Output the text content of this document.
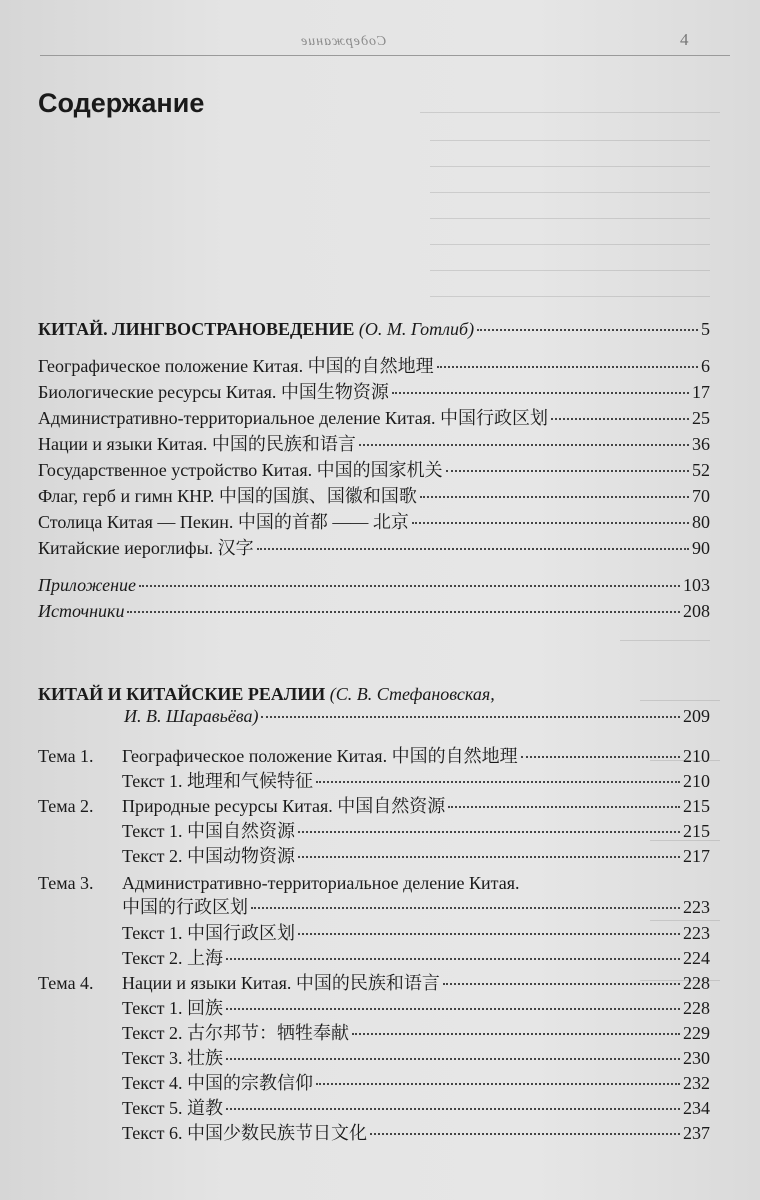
Содержание	4
Содержание
КИТАЙ. ЛИНГВОСТРАНОВЕДЕНИЕ (О. М. Готлиб)	5
Географическое положение Китая. 中国的自然地理	6
Биологические ресурсы Китая. 中国生物资源	17
Административно-территориальное деление Китая. 中国行政区划	25
Нации и языки Китая. 中国的民族和语言	36
Государственное устройство Китая. 中国的国家机关	52
Флаг, герб и гимн КНР. 中国的国旗、国徽和国歌	70
Столица Китая — Пекин. 中国的首都 —— 北京	80
Китайские иероглифы. 汉字	90
Приложение	103
Источники	208
КИТАЙ И КИТАЙСКИЕ РЕАЛИИ (С. В. Стефановская,
И. В. Шаравьёва)	209
Тема 1. Географическое положение Китая. 中国的自然地理	210
Текст 1. 地理和气候特征	210
Тема 2. Природные ресурсы Китая. 中国自然资源	215
Текст 1. 中国自然资源	215
Текст 2. 中国动物资源	217
Тема 3. Административно-территориальное деление Китая.
中国的行政区划	223
Текст 1. 中国行政区划	223
Текст 2. 上海	224
Тема 4. Нации и языки Китая. 中国的民族和语言	228
Текст 1. 回族	228
Текст 2. 古尔邦节：牺牲奉献	229
Текст 3. 壮族	230
Текст 4. 中国的宗教信仰	232
Текст 5. 道教	234
Текст 6. 中国少数民族节日文化	237
